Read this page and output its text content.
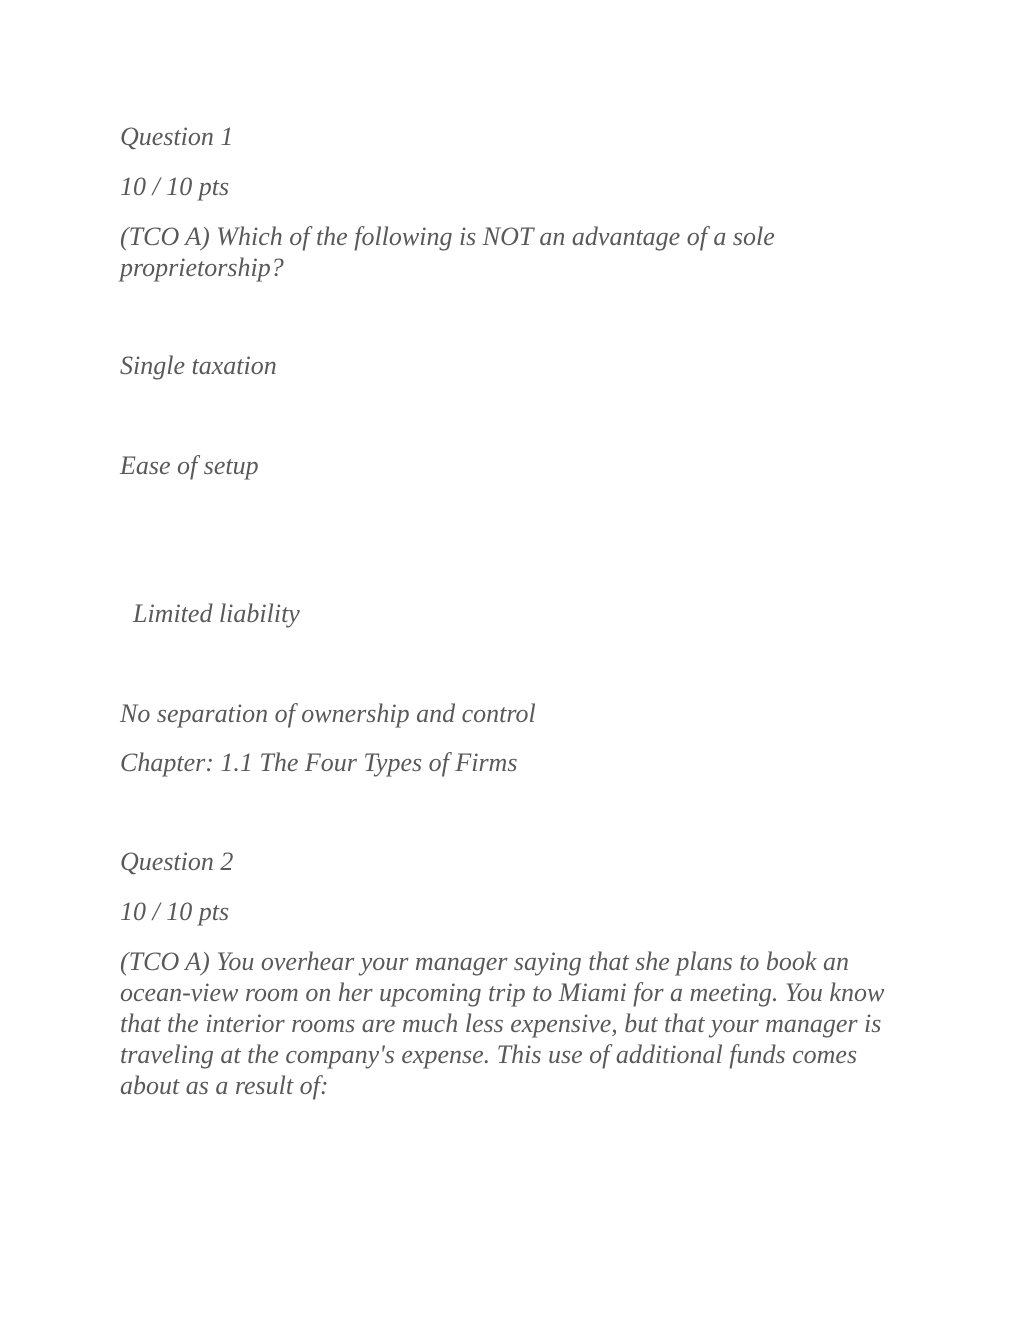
Question 1

10 / 10 pts

(TCO A) Which of the following is NOT an advantage of a sole proprietorship?

Single taxation

Ease of setup

Limited liability

No separation of ownership and control

Chapter: 1.1 The Four Types of Firms

Question 2

10 / 10 pts

(TCO A) You overhear your manager saying that she plans to book an ocean-view room on her upcoming trip to Miami for a meeting. You know that the interior rooms are much less expensive, but that your manager is traveling at the company's expense. This use of additional funds comes about as a result of:
